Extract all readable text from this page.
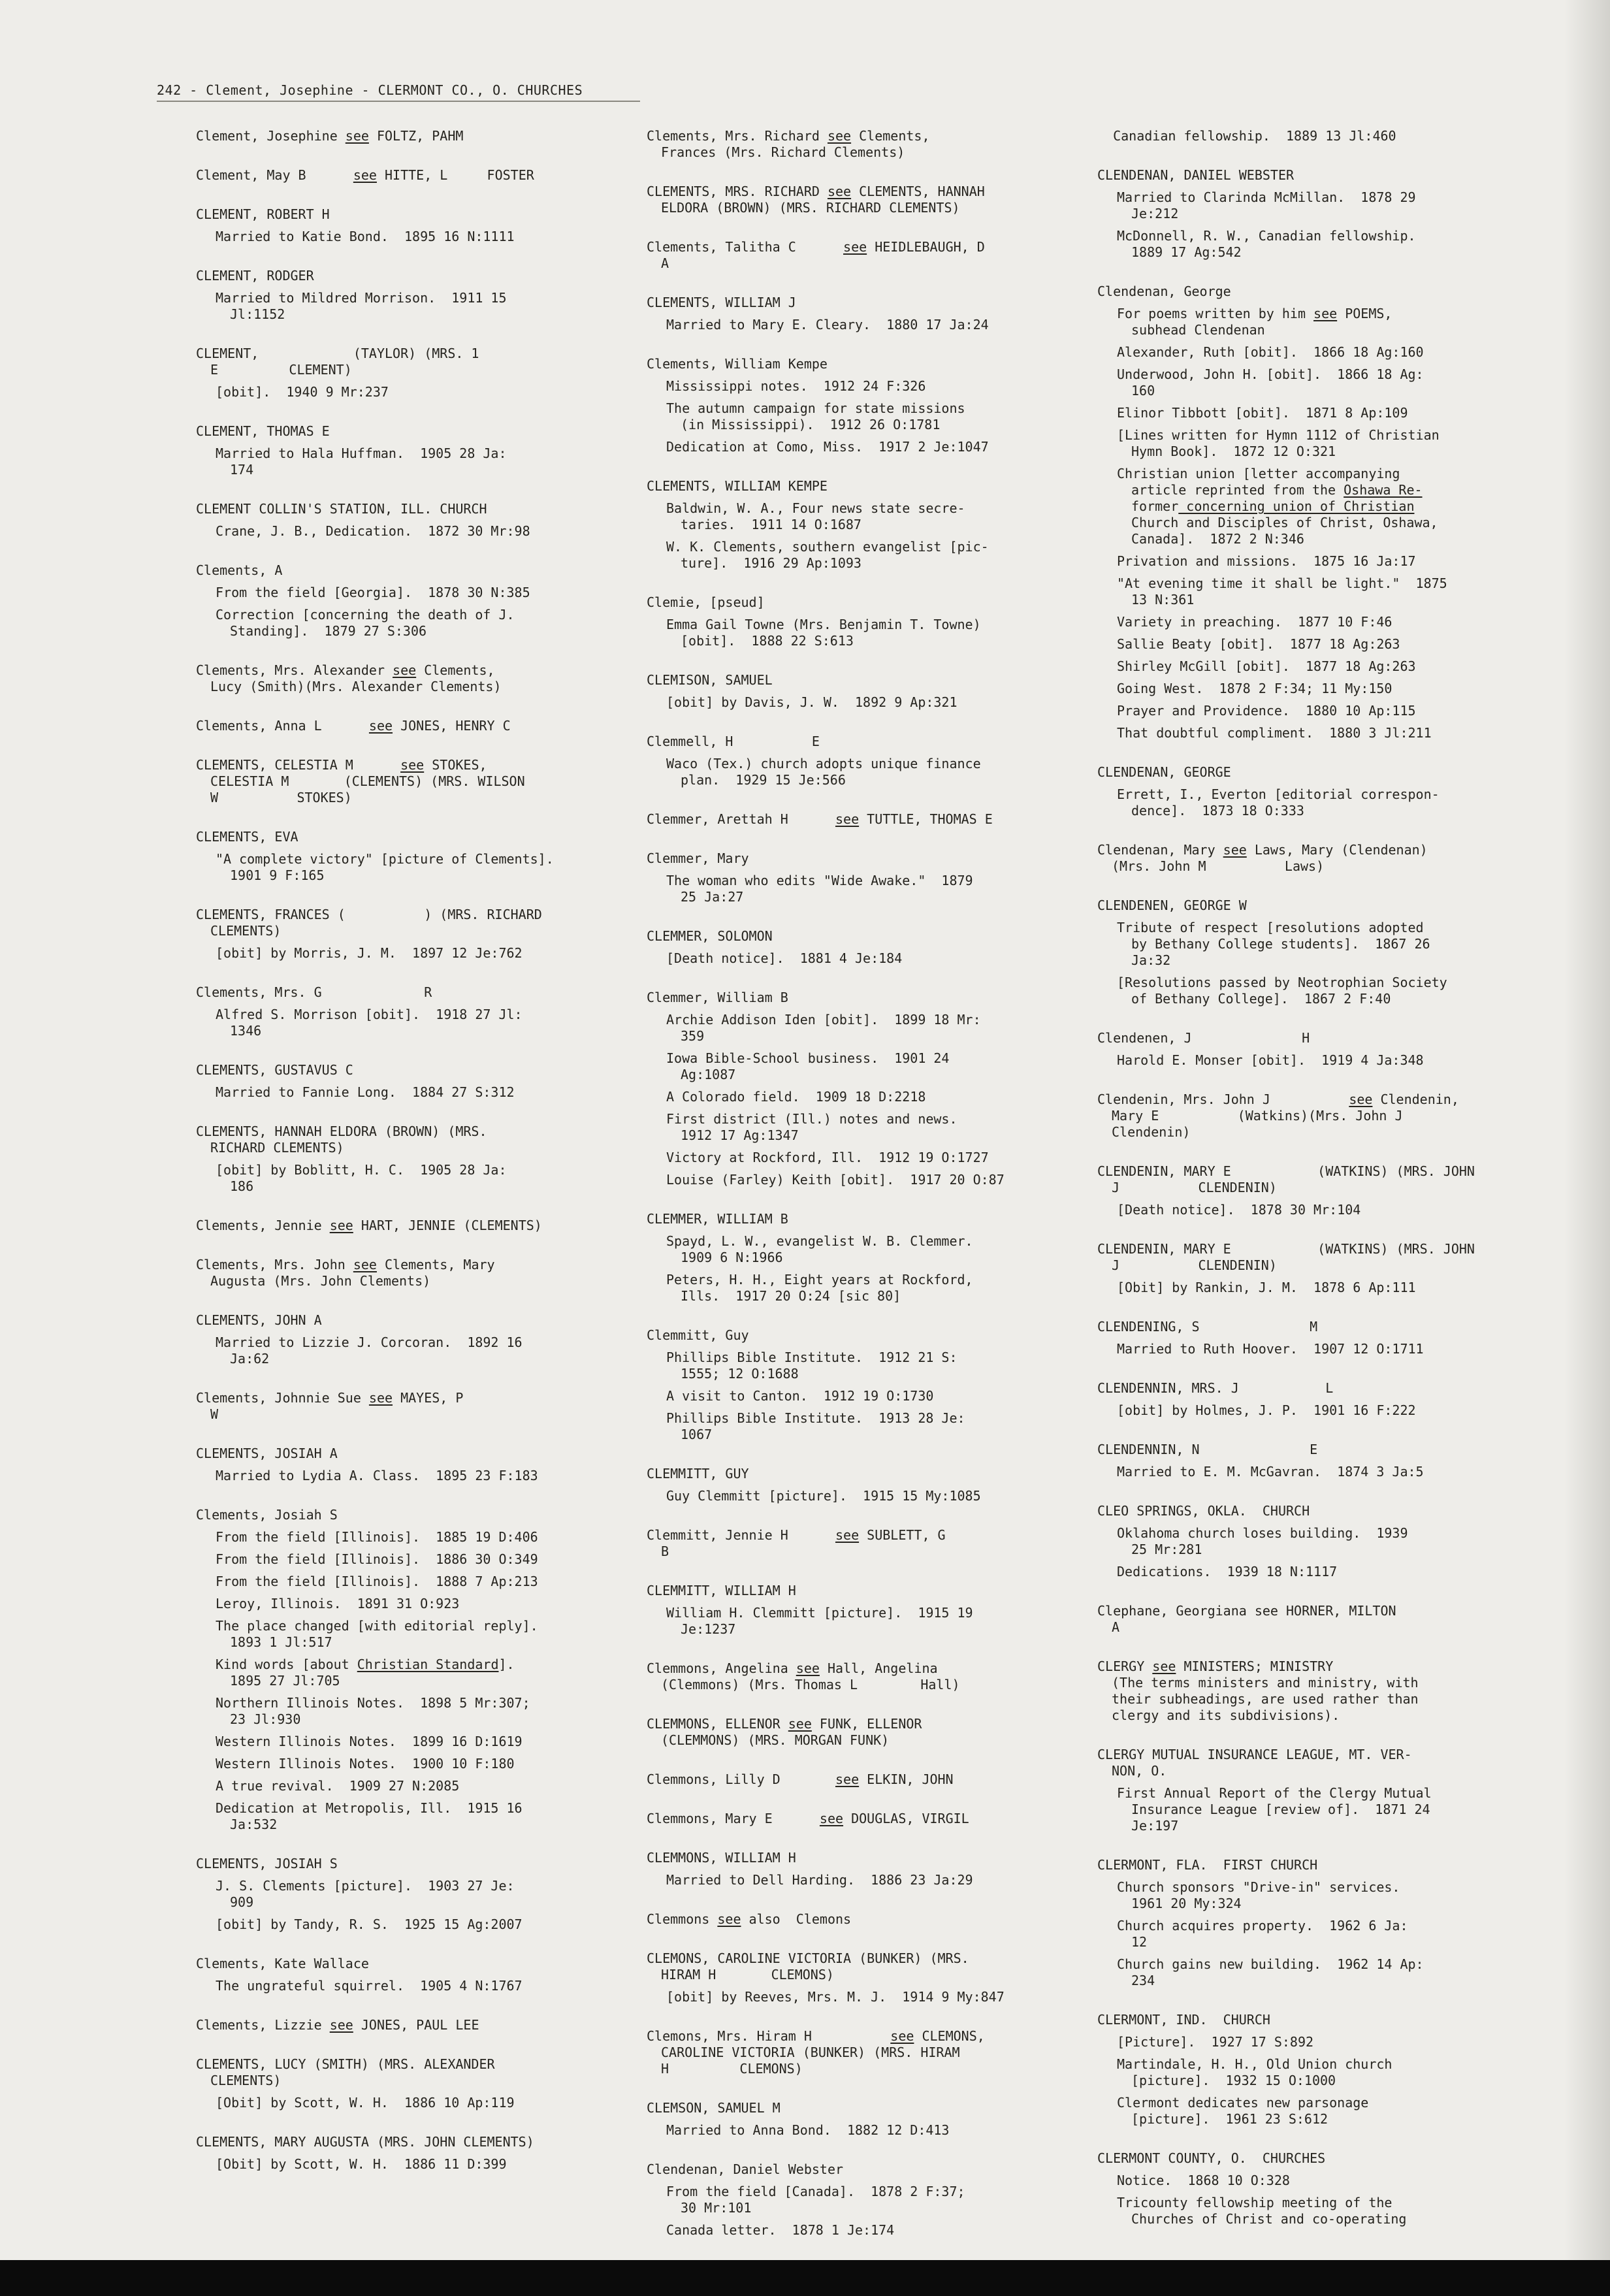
242 - Clement, Josephine - CLERMONT CO., O. CHURCHES
Clement, Josephine see FOLTZ, PAHM
Clement, May B      see HITTE, L     FOSTER
CLEMENT, ROBERT H
Married to Katie Bond.  1895 16 N:1111
CLEMENT, RODGER
Married to Mildred Morrison.  1911 15
Jl:1152
CLEMENT,            (TAYLOR) (MRS. 1
E         CLEMENT)
[obit].  1940 9 Mr:237
CLEMENT, THOMAS E
Married to Hala Huffman.  1905 28 Ja:
174
CLEMENT COLLIN'S STATION, ILL. CHURCH
Crane, J. B., Dedication.  1872 30 Mr:98
Clements, A
From the field [Georgia].  1878 30 N:385
Correction [concerning the death of J.
Standing].  1879 27 S:306
Clements, Mrs. Alexander see Clements,
Lucy (Smith)(Mrs. Alexander Clements)
Clements, Anna L      see JONES, HENRY C
CLEMENTS, CELESTIA M      see STOKES,
CELESTIA M       (CLEMENTS) (MRS. WILSON
W          STOKES)
CLEMENTS, EVA
"A complete victory" [picture of Clements].
1901 9 F:165
CLEMENTS, FRANCES (          ) (MRS. RICHARD
CLEMENTS)
[obit] by Morris, J. M.  1897 12 Je:762
Clements, Mrs. G             R
Alfred S. Morrison [obit].  1918 27 Jl:
1346
CLEMENTS, GUSTAVUS C
Married to Fannie Long.  1884 27 S:312
CLEMENTS, HANNAH ELDORA (BROWN) (MRS.
RICHARD CLEMENTS)
[obit] by Boblitt, H. C.  1905 28 Ja:
186
Clements, Jennie see HART, JENNIE (CLEMENTS)
Clements, Mrs. John see Clements, Mary
Augusta (Mrs. John Clements)
CLEMENTS, JOHN A
Married to Lizzie J. Corcoran.  1892 16
Ja:62
Clements, Johnnie Sue see MAYES, P
W
CLEMENTS, JOSIAH A
Married to Lydia A. Class.  1895 23 F:183
Clements, Josiah S
From the field [Illinois].  1885 19 D:406
From the field [Illinois].  1886 30 O:349
From the field [Illinois].  1888 7 Ap:213
Leroy, Illinois.  1891 31 O:923
The place changed [with editorial reply].
1893 1 Jl:517
Kind words [about Christian Standard].
1895 27 Jl:705
Northern Illinois Notes.  1898 5 Mr:307;
23 Jl:930
Western Illinois Notes.  1899 16 D:1619
Western Illinois Notes.  1900 10 F:180
A true revival.  1909 27 N:2085
Dedication at Metropolis, Ill.  1915 16
Ja:532
CLEMENTS, JOSIAH S
J. S. Clements [picture].  1903 27 Je:
909
[obit] by Tandy, R. S.  1925 15 Ag:2007
Clements, Kate Wallace
The ungrateful squirrel.  1905 4 N:1767
Clements, Lizzie see JONES, PAUL LEE
CLEMENTS, LUCY (SMITH) (MRS. ALEXANDER
CLEMENTS)
[Obit] by Scott, W. H.  1886 10 Ap:119
CLEMENTS, MARY AUGUSTA (MRS. JOHN CLEMENTS)
[Obit] by Scott, W. H.  1886 11 D:399
Clements, Mrs. Richard see Clements,
Frances (Mrs. Richard Clements)
CLEMENTS, MRS. RICHARD see CLEMENTS, HANNAH
ELDORA (BROWN) (MRS. RICHARD CLEMENTS)
Clements, Talitha C      see HEIDLEBAUGH, D
A
CLEMENTS, WILLIAM J
Married to Mary E. Cleary.  1880 17 Ja:24
Clements, William Kempe
Mississippi notes.  1912 24 F:326
The autumn campaign for state missions
(in Mississippi).  1912 26 O:1781
Dedication at Como, Miss.  1917 2 Je:1047
CLEMENTS, WILLIAM KEMPE
Baldwin, W. A., Four news state secre-
taries.  1911 14 O:1687
W. K. Clements, southern evangelist [pic-
ture].  1916 29 Ap:1093
Clemie, [pseud]
Emma Gail Towne (Mrs. Benjamin T. Towne)
[obit].  1888 22 S:613
CLEMISON, SAMUEL
[obit] by Davis, J. W.  1892 9 Ap:321
Clemmell, H          E
Waco (Tex.) church adopts unique finance
plan.  1929 15 Je:566
Clemmer, Arettah H      see TUTTLE, THOMAS E
Clemmer, Mary
The woman who edits "Wide Awake."  1879
25 Ja:27
CLEMMER, SOLOMON
[Death notice].  1881 4 Je:184
Clemmer, William B
Archie Addison Iden [obit].  1899 18 Mr:
359
Iowa Bible-School business.  1901 24
Ag:1087
A Colorado field.  1909 18 D:2218
First district (Ill.) notes and news.
1912 17 Ag:1347
Victory at Rockford, Ill.  1912 19 O:1727
Louise (Farley) Keith [obit].  1917 20 O:87
CLEMMER, WILLIAM B
Spayd, L. W., evangelist W. B. Clemmer.
1909 6 N:1966
Peters, H. H., Eight years at Rockford,
Ills.  1917 20 O:24 [sic 80]
Clemmitt, Guy
Phillips Bible Institute.  1912 21 S:
1555; 12 O:1688
A visit to Canton.  1912 19 O:1730
Phillips Bible Institute.  1913 28 Je:
1067
CLEMMITT, GUY
Guy Clemmitt [picture].  1915 15 My:1085
Clemmitt, Jennie H      see SUBLETT, G
B
CLEMMITT, WILLIAM H
William H. Clemmitt [picture].  1915 19
Je:1237
Clemmons, Angelina see Hall, Angelina
(Clemmons) (Mrs. Thomas L        Hall)
CLEMMONS, ELLENOR see FUNK, ELLENOR
(CLEMMONS) (MRS. MORGAN FUNK)
Clemmons, Lilly D       see ELKIN, JOHN
Clemmons, Mary E      see DOUGLAS, VIRGIL
CLEMMONS, WILLIAM H
Married to Dell Harding.  1886 23 Ja:29
Clemmons see also  Clemons
CLEMONS, CAROLINE VICTORIA (BUNKER) (MRS.
HIRAM H       CLEMONS)
[obit] by Reeves, Mrs. M. J.  1914 9 My:847
Clemons, Mrs. Hiram H          see CLEMONS,
CAROLINE VICTORIA (BUNKER) (MRS. HIRAM
H         CLEMONS)
CLEMSON, SAMUEL M
Married to Anna Bond.  1882 12 D:413
Clendenan, Daniel Webster
From the field [Canada].  1878 2 F:37;
30 Mr:101
Canada letter.  1878 1 Je:174
Canadian fellowship.  1889 13 Jl:460
CLENDENAN, DANIEL WEBSTER
Married to Clarinda McMillan.  1878 29
Je:212
McDonnell, R. W., Canadian fellowship.
1889 17 Ag:542
Clendenan, George
For poems written by him see POEMS,
subhead Clendenan
Alexander, Ruth [obit].  1866 18 Ag:160
Underwood, John H. [obit].  1866 18 Ag:
160
Elinor Tibbott [obit].  1871 8 Ap:109
[Lines written for Hymn 1112 of Christian
Hymn Book].  1872 12 O:321
Christian union [letter accompanying
article reprinted from the Oshawa Re-
former concerning union of Christian
Church and Disciples of Christ, Oshawa,
Canada].  1872 2 N:346
Privation and missions.  1875 16 Ja:17
"At evening time it shall be light."  1875
13 N:361
Variety in preaching.  1877 10 F:46
Sallie Beaty [obit].  1877 18 Ag:263
Shirley McGill [obit].  1877 18 Ag:263
Going West.  1878 2 F:34; 11 My:150
Prayer and Providence.  1880 10 Ap:115
That doubtful compliment.  1880 3 Jl:211
CLENDENAN, GEORGE
Errett, I., Everton [editorial correspon-
dence].  1873 18 O:333
Clendenan, Mary see Laws, Mary (Clendenan)
(Mrs. John M          Laws)
CLENDENEN, GEORGE W
Tribute of respect [resolutions adopted
by Bethany College students].  1867 26
Ja:32
[Resolutions passed by Neotrophian Society
of Bethany College].  1867 2 F:40
Clendenen, J              H
Harold E. Monser [obit].  1919 4 Ja:348
Clendenin, Mrs. John J          see Clendenin,
Mary E          (Watkins)(Mrs. John J
Clendenin)
CLENDENIN, MARY E           (WATKINS) (MRS. JOHN
J          CLENDENIN)
[Death notice].  1878 30 Mr:104
CLENDENIN, MARY E           (WATKINS) (MRS. JOHN
J          CLENDENIN)
[Obit] by Rankin, J. M.  1878 6 Ap:111
CLENDENING, S              M
Married to Ruth Hoover.  1907 12 O:1711
CLENDENNIN, MRS. J           L
[obit] by Holmes, J. P.  1901 16 F:222
CLENDENNIN, N              E
Married to E. M. McGavran.  1874 3 Ja:5
CLEO SPRINGS, OKLA.  CHURCH
Oklahoma church loses building.  1939
25 Mr:281
Dedications.  1939 18 N:1117
Clephane, Georgiana see HORNER, MILTON
A
CLERGY see MINISTERS; MINISTRY
(The terms ministers and ministry, with
their subheadings, are used rather than
clergy and its subdivisions).
CLERGY MUTUAL INSURANCE LEAGUE, MT. VER-
NON, O.
First Annual Report of the Clergy Mutual
Insurance League [review of].  1871 24
Je:197
CLERMONT, FLA.  FIRST CHURCH
Church sponsors "Drive-in" services.
1961 20 My:324
Church acquires property.  1962 6 Ja:
12
Church gains new building.  1962 14 Ap:
234
CLERMONT, IND.  CHURCH
[Picture].  1927 17 S:892
Martindale, H. H., Old Union church
[picture].  1932 15 O:1000
Clermont dedicates new parsonage
[picture].  1961 23 S:612
CLERMONT COUNTY, O.  CHURCHES
Notice.  1868 10 O:328
Tricounty fellowship meeting of the
Churches of Christ and co-operating
